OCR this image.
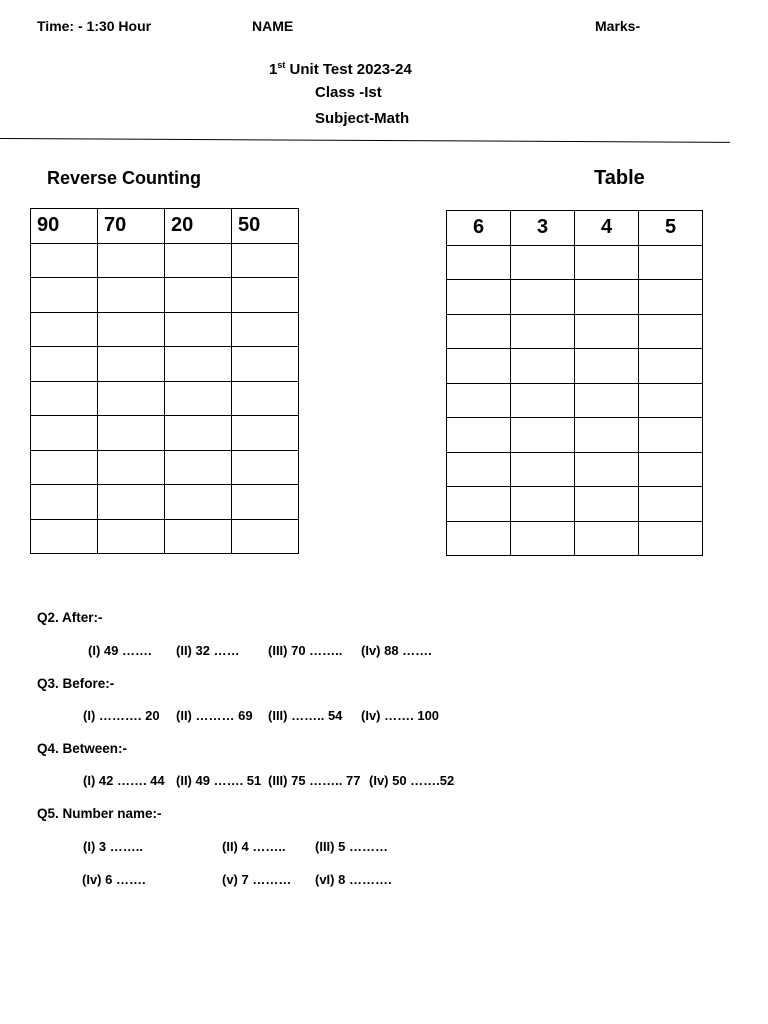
Time: - 1:30 Hour	NAME	Marks-
1st Unit Test 2023-24
Class -Ist
Subject-Math
Reverse Counting	Table
90	70	20	50

				6	3	4	5

Q2. After:-
(I) 49 ……. (II) 32 …… (III) 70 …….. (Iv) 88 …….
Q3. Before:-
(I) ………. 20 (II) ……… 69 (III) …….. 54 (Iv) ……. 100
Q4. Between:-
(I) 42 ……. 44 (II) 49 ……. 51 (III) 75 …….. 77 (Iv) 50 …….52
Q5. Number name:-
(I) 3 ……..	(II) 4 …….. (III) 5 ………
(Iv) 6 …….	(v) 7 ……… (vI) 8 ……….
